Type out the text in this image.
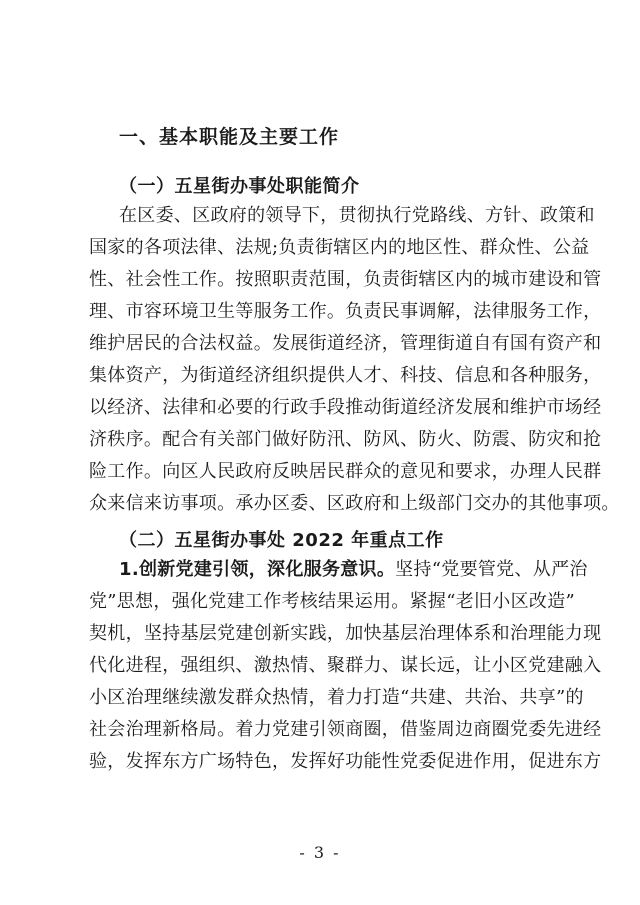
一、基本职能及主要工作
（一）五星街办事处职能简介
在区委、区政府的领导下，贯彻执行党路线、方针、政策和
国家的各项法律、法规;负责街辖区内的地区性、群众性、公益
性、社会性工作。按照职责范围，负责街辖区内的城市建设和管
理、市容环境卫生等服务工作。负责民事调解，法律服务工作，
维护居民的合法权益。发展街道经济，管理街道自有国有资产和
集体资产，为街道经济组织提供人才、科技、信息和各种服务，
以经济、法律和必要的行政手段推动街道经济发展和维护市场经
济秩序。配合有关部门做好防汛、防风、防火、防震、防灾和抢
险工作。向区人民政府反映居民群众的意见和要求，办理人民群
众来信来访事项。承办区委、区政府和上级部门交办的其他事项。
（二）五星街办事处 2022 年重点工作
1.创新党建引领，深化服务意识。坚持“党要管党、从严治
党”思想，强化党建工作考核结果运用。紧握“老旧小区改造”
契机，坚持基层党建创新实践，加快基层治理体系和治理能力现
代化进程，强组织、激热情、聚群力、谋长远，让小区党建融入
小区治理继续激发群众热情，着力打造“共建、共治、共享”的
社会治理新格局。着力党建引领商圈，借鉴周边商圈党委先进经
验，发挥东方广场特色，发挥好功能性党委促进作用，促进东方
- 3 -
